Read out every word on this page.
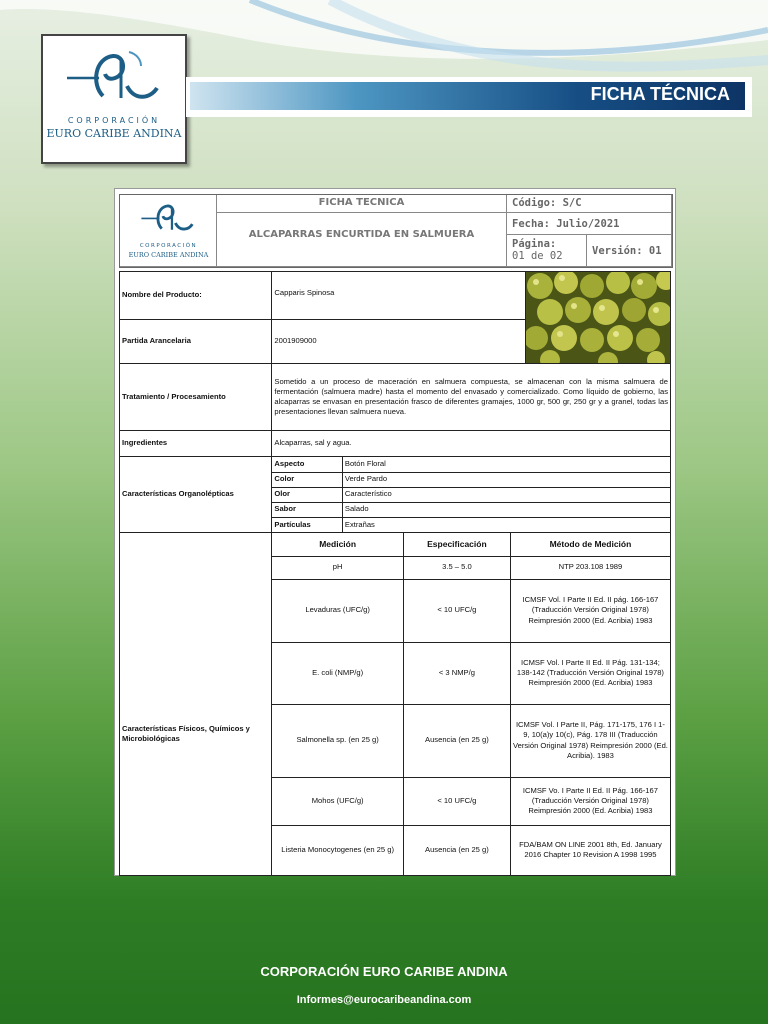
CORPORACIÓN
EURO CARIBE ANDINA
FICHA TÉCNICA
CORPORACIÓN
EURO CARIBE ANDINA
FICHA TECNICA
ALCAPARRAS ENCURTIDA EN SALMUERA
Código: S/C
Fecha: Julio/2021
Página:
01 de 02	Versión: 01
Nombre del Producto:	Capparis Spinosa	

Partida Arancelaria	2001909000
Tratamiento / Procesamiento	Sometido a un proceso de maceración en salmuera compuesta, se almacenan con la misma salmuera de fermentación (salmuera madre) hasta el momento del envasado y comercializado. Como líquido de gobierno, las alcaparras se envasan en presentación frasco de diferentes gramajes, 1000 gr, 500 gr, 250 gr y a granel, todas las presentaciones llevan salmuera nueva.
Ingredientes	Alcaparras, sal y agua.
Características Organolépticas	
Aspecto	Botón Floral
Color	Verde Pardo
Olor	Característico
Sabor	Salado
Partículas	Extrañas

Características Físicos, Químicos y Microbiológicas	
Medición	Especificación	Método de Medición
pH	3.5 – 5.0	NTP 203.108 1989
Levaduras (UFC/g)	< 10 UFC/g	ICMSF Vol. I Parte II Ed. II pág. 166-167 (Traducción Versión Original 1978) Reimpresión 2000 (Ed. Acribia) 1983
E. coli (NMP/g)	< 3 NMP/g	ICMSF Vol. I Parte II Ed. II Pág. 131-134; 138-142 (Traducción Versión Original 1978) Reimpresión 2000 (Ed. Acribia) 1983
Salmonella sp. (en 25 g)	Ausencia (en 25 g)	ICMSF Vol. I Parte II, Pág. 171-175, 176 I 1-9, 10(a)y 10(c), Pág. 178 III (Traducción Versión Original 1978) Reimpresión 2000 (Ed. Acribia). 1983
Mohos (UFC/g)	< 10 UFC/g	ICMSF Vo. I Parte II Ed. II Pág. 166-167 (Traducción Versión Original 1978) Reimpresión 2000 (Ed. Acribia) 1983
Listeria Monocytogenes (en 25 g)	Ausencia (en 25 g)	FDA/BAM ON LINE 2001 8th, Ed. January 2016 Chapter 10 Revision A 1998 1995
CORPORACIÓN EURO CARIBE ANDINA
Informes@eurocaribeandina.com
